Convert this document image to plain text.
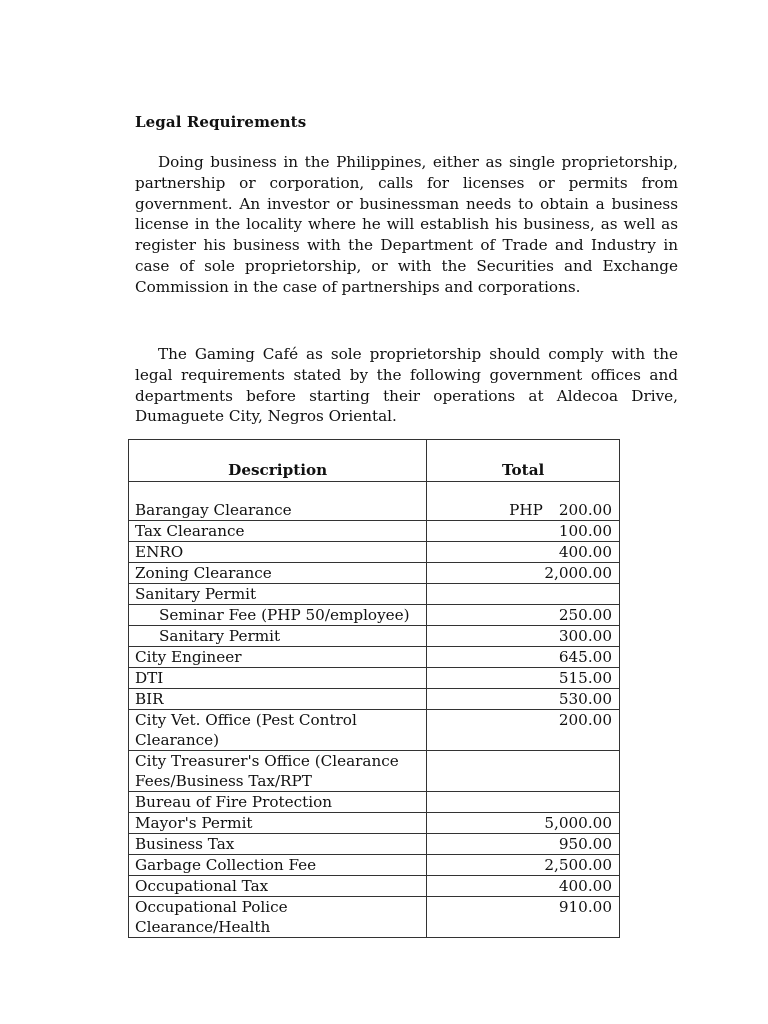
Legal Requirements

Doing business in the Philippines, either as single proprietorship, partnership or corporation, calls for licenses or permits from government. An investor or businessman needs to obtain a business license in the locality where he will establish his business, as well as register his business with the Department of Trade and Industry in case of sole proprietorship, or with the Securities and Exchange Commission in the case of partnerships and corporations.

The Gaming Café as sole proprietorship should comply with the legal requirements stated by the following government offices and departments before starting their operations at Aldecoa Drive, Dumaguete City, Negros Oriental.

Description	Total
Barangay Clearance	PHP 200.00
Tax Clearance	100.00
ENRO	400.00
Zoning Clearance	2,000.00
Sanitary Permit	
Seminar Fee (PHP 50/employee)	250.00
Sanitary Permit	300.00
City Engineer	645.00
DTI	515.00
BIR	530.00
City Vet. Office (Pest Control Clearance)	200.00
City Treasurer's Office (Clearance Fees/Business Tax/RPT	
Bureau of Fire Protection	
Mayor's Permit	5,000.00
Business Tax	950.00
Garbage Collection Fee	2,500.00
Occupational Tax	400.00
Occupational Police Clearance/Health	910.00
